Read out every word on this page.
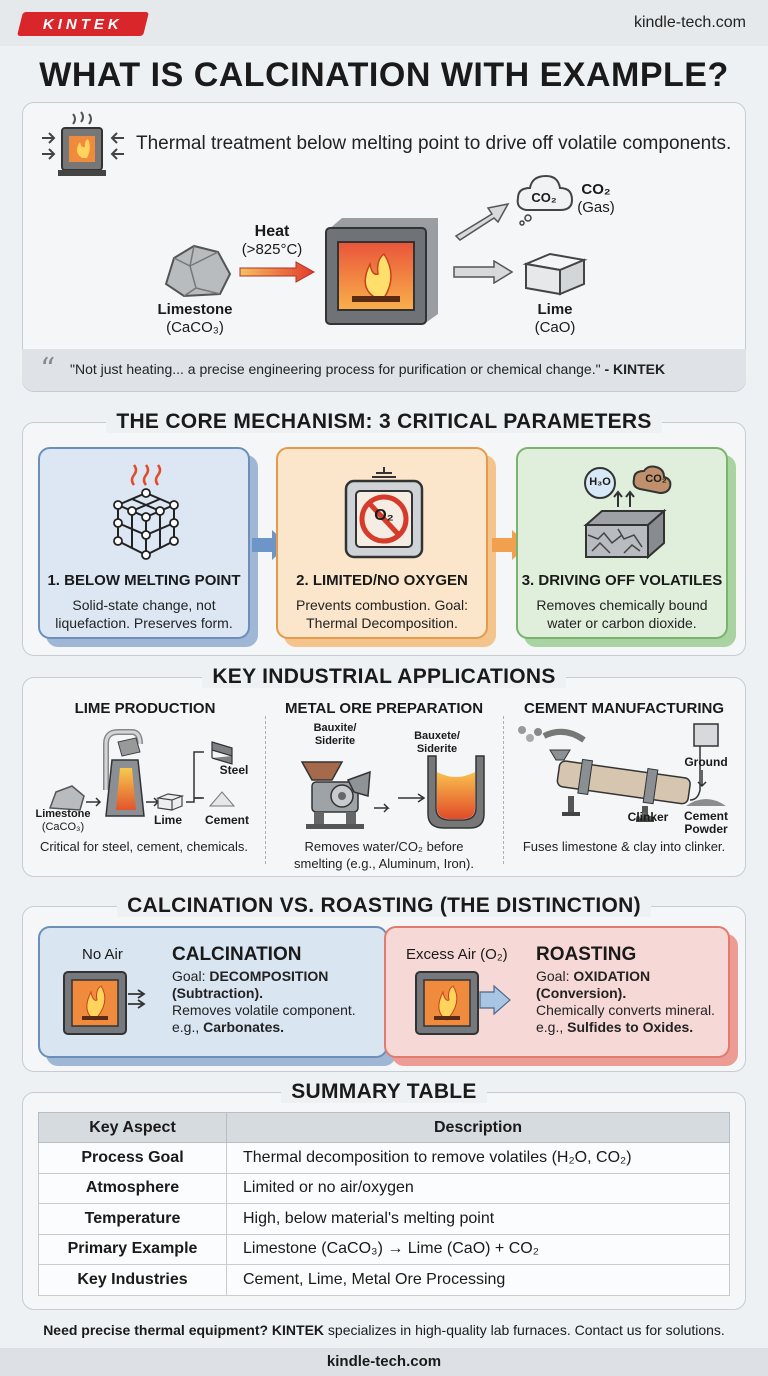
KINTEK	kindle-tech.com
WHAT IS CALCINATION WITH EXAMPLE?
Thermal treatment below melting point to drive off volatile components.
Limestone
(CaCO₃)
Heat
(>825°C)
CO₂	CO₂
(Gas)
Lime
(CaO)
“ "Not just heating... a precise engineering process for purification or chemical change." - KINTEK
THE CORE MECHANISM: 3 CRITICAL PARAMETERS
1. BELOW MELTING POINT
Solid-state change, not
liquefaction. Preserves form.
O₂
2. LIMITED/NO OXYGEN
Prevents combustion. Goal:
Thermal Decomposition.
H₃O	CO₂
3. DRIVING OFF VOLATILES
Removes chemically bound
water or carbon dioxide.
KEY INDUSTRIAL APPLICATIONS
LIME PRODUCTION
Limestone
(CaCO₃)	Lime
Steel
Cement
Critical for steel, cement, chemicals.
METAL ORE PREPARATION
Bauxite/
Siderite	Bauxete/
Siderite
Removes water/CO₂ before
smelting (e.g., Aluminum, Iron).
CEMENT MANUFACTURING
Ground
Clinker	Cement
Powder
Fuses limestone & clay into clinker.
CALCINATION VS. ROASTING (THE DISTINCTION)
No Air	CALCINATION
Goal: DECOMPOSITION
(Subtraction).
Removes volatile component.
e.g., Carbonates.
Excess Air (O₂) ROASTING
Goal: OXIDATION
(Conversion).
Chemically converts mineral.
e.g., Sulfides to Oxides.
SUMMARY TABLE
Key Aspect	Description
Process Goal	Thermal decomposition to remove volatiles (H₂O, CO₂)
Atmosphere	Limited or no air/oxygen
Temperature	High, below material's melting point
Primary Example	Limestone (CaCO₃) → Lime (CaO) + CO₂
Key Industries	Cement, Lime, Metal Ore Processing
Need precise thermal equipment? KINTEK specializes in high-quality lab furnaces. Contact us for solutions.
kindle-tech.com
